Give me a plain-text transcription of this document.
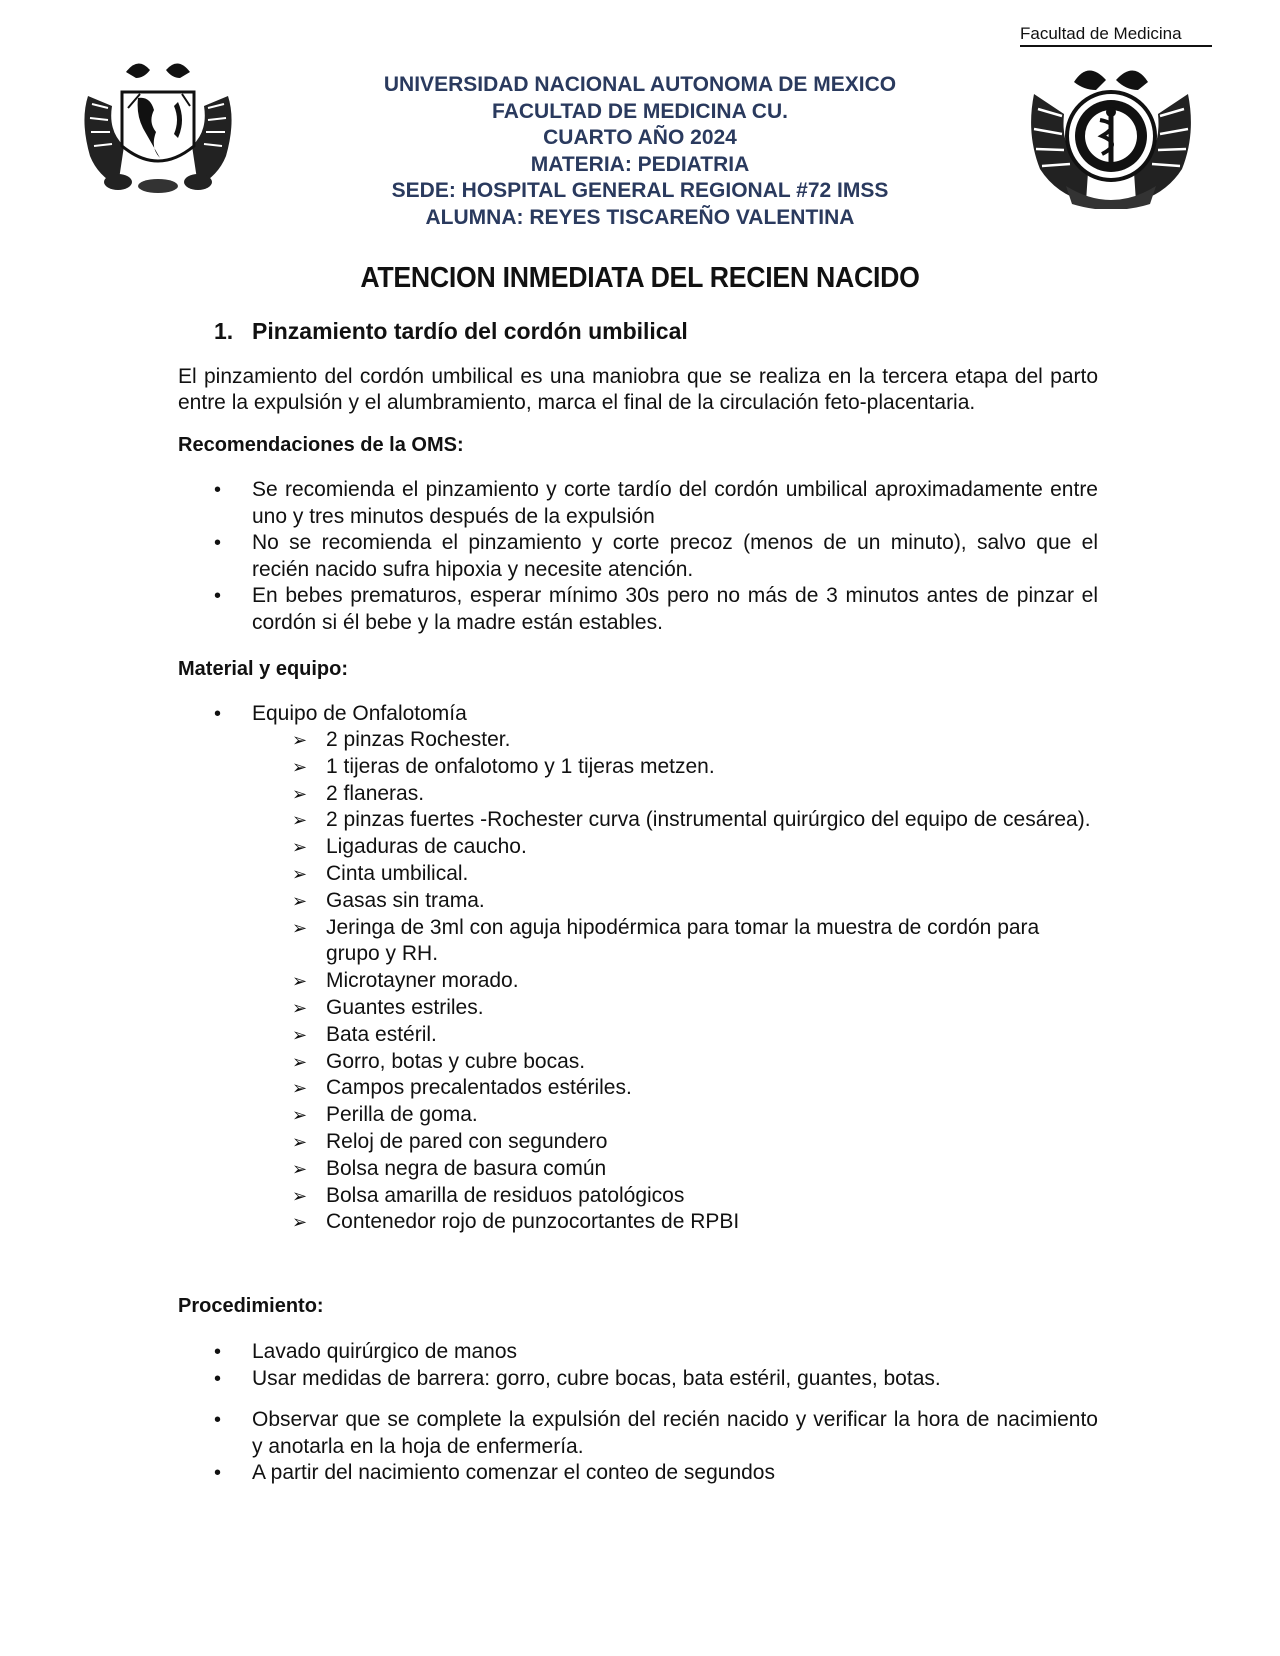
Facultad de Medicina
UNIVERSIDAD NACIONAL AUTONOMA DE MEXICO
FACULTAD DE MEDICINA CU.
CUARTO AÑO 2024
MATERIA: PEDIATRIA
SEDE: HOSPITAL GENERAL REGIONAL #72 IMSS
ALUMNA: REYES TISCAREÑO VALENTINA
ATENCION INMEDIATA DEL RECIEN NACIDO
1. Pinzamiento tardío del cordón umbilical
El pinzamiento del cordón umbilical es una maniobra que se realiza en la tercera etapa del parto entre la expulsión y el alumbramiento, marca el final de la circulación feto-placentaria.
Recomendaciones de la OMS:
• Se recomienda el pinzamiento y corte tardío del cordón umbilical aproximadamente entre uno y tres minutos después de la expulsión
• No se recomienda el pinzamiento y corte precoz (menos de un minuto), salvo que el recién nacido sufra hipoxia y necesite atención.
• En bebes prematuros, esperar mínimo 30s pero no más de 3 minutos antes de pinzar el cordón si él bebe y la madre están estables.
Material y equipo:
• Equipo de Onfalotomía
➢ 2 pinzas Rochester.
➢ 1 tijeras de onfalotomo y 1 tijeras metzen.
➢ 2 flaneras.
➢ 2 pinzas fuertes -Rochester curva (instrumental quirúrgico del equipo de cesárea).
➢ Ligaduras de caucho.
➢ Cinta umbilical.
➢ Gasas sin trama.
➢ Jeringa de 3ml con aguja hipodérmica para tomar la muestra de cordón para grupo y RH.
➢ Microtayner morado.
➢ Guantes estriles.
➢ Bata estéril.
➢ Gorro, botas y cubre bocas.
➢ Campos precalentados estériles.
➢ Perilla de goma.
➢ Reloj de pared con segundero
➢ Bolsa negra de basura común
➢ Bolsa amarilla de residuos patológicos
➢ Contenedor rojo de punzocortantes de RPBI
Procedimiento:
• Lavado quirúrgico de manos
• Usar medidas de barrera: gorro, cubre bocas, bata estéril, guantes, botas.
• Observar que se complete la expulsión del recién nacido y verificar la hora de nacimiento y anotarla en la hoja de enfermería.
• A partir del nacimiento comenzar el conteo de segundos
